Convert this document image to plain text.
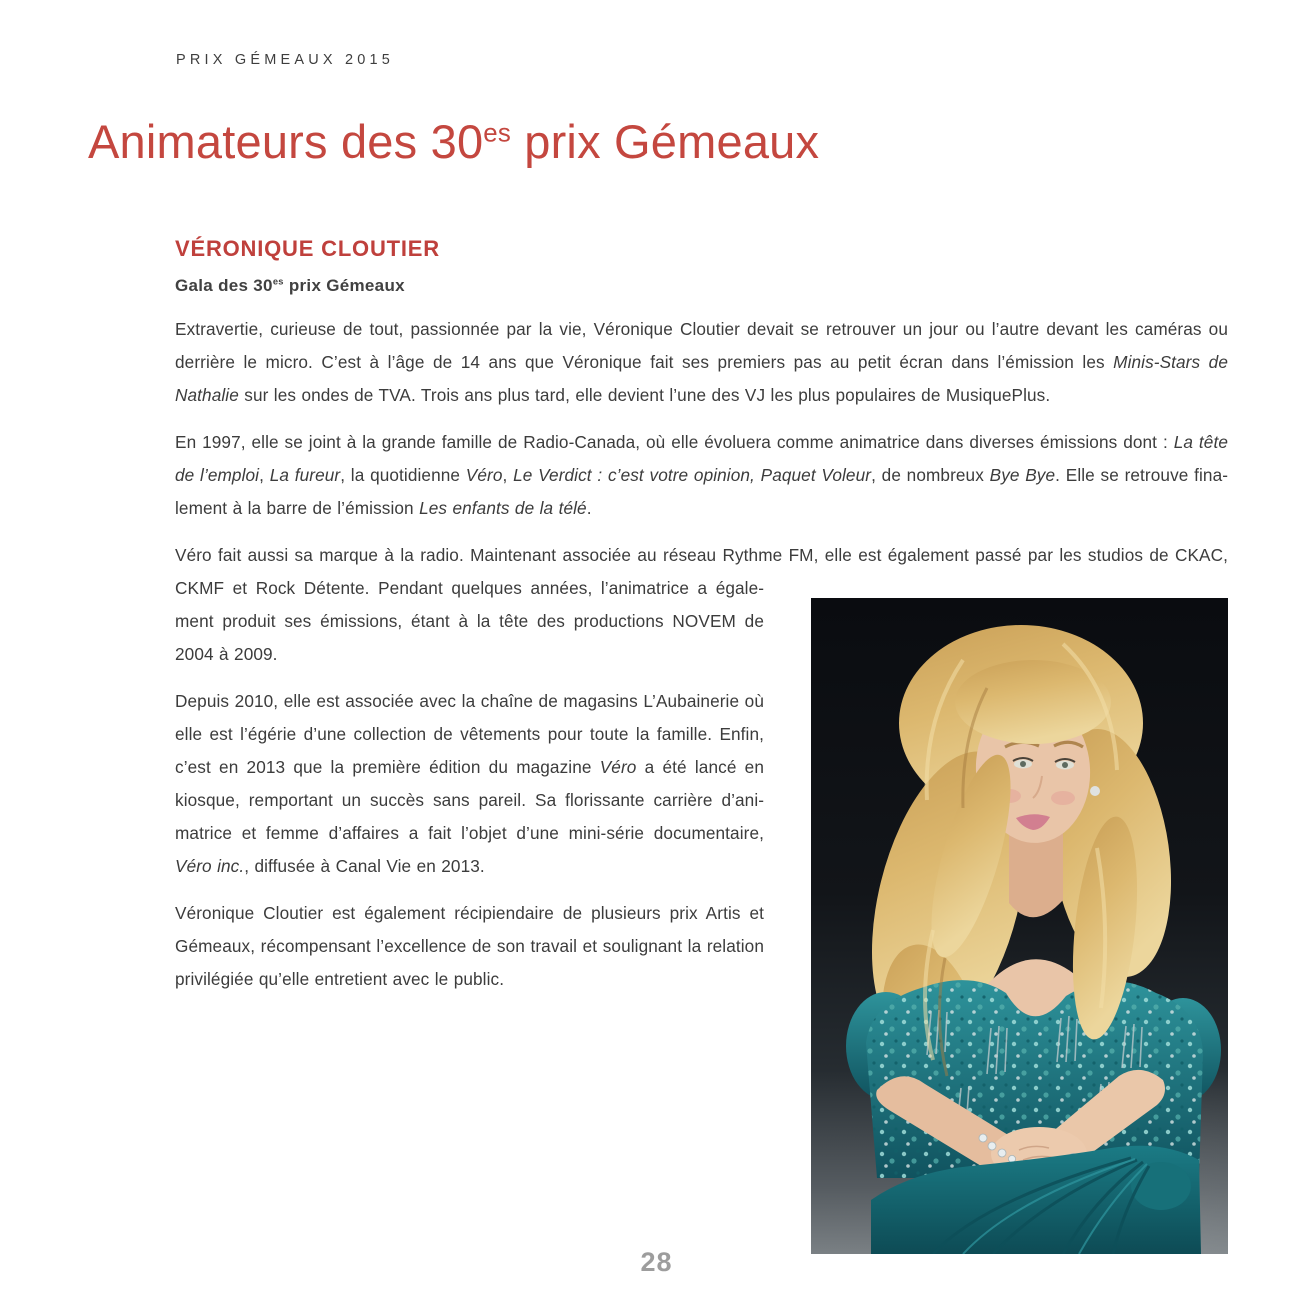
PRIX GÉMEAUX 2015
Animateurs des $30^{es}$ prix Gémeaux
VÉRONIQUE CLOUTIER
Gala des $30^{es}$ prix Gémeaux

Extravertie, curieuse de tout, passionnée par la vie, Véronique Cloutier devait se retrouver un jour ou l’autre devant les caméras ou derrière le micro. C’est à l’âge de 14 ans que Véronique fait ses premiers pas au petit écran dans l’émission les Minis-Stars de Nathalie sur les ondes de TVA. Trois ans plus tard, elle devient l’une des VJ les plus populaires de MusiquePlus.

En 1997, elle se joint à la grande famille de Radio-Canada, où elle évoluera comme animatrice dans diverses émissions dont : La tête de l’emploi, La fureur, la quotidienne Véro, Le Verdict : c’est votre opinion, Paquet Voleur, de nombreux Bye Bye. Elle se retrouve finalement à la barre de l’émission Les enfants de la télé.

Véro fait aussi sa marque à la radio. Maintenant associée au réseau Rythme FM, elle est également passé par les studios de CKAC, CKMF et Rock Détente. Pendant quelques années, l’animatrice a également produit ses émissions, étant à la tête des productions NOVEM de 2004 à 2009.

Depuis 2010, elle est associée avec la chaîne de magasins L’Aubainerie où elle est l’égérie d’une collection de vêtements pour toute la famille. Enfin, c’est en 2013 que la première édition du magazine Véro a été lancé en kiosque, remportant un succès sans pareil. Sa florissante carrière d’animatrice et femme d’affaires a fait l’objet d’une mini-série documentaire, Véro inc., diffusée à Canal Vie en 2013.

Véronique Cloutier est également récipiendaire de plusieurs prix Artis et Gémeaux, récompensant l’excellence de son travail et soulignant la relation privilégiée qu’elle entretient avec le public.

28
